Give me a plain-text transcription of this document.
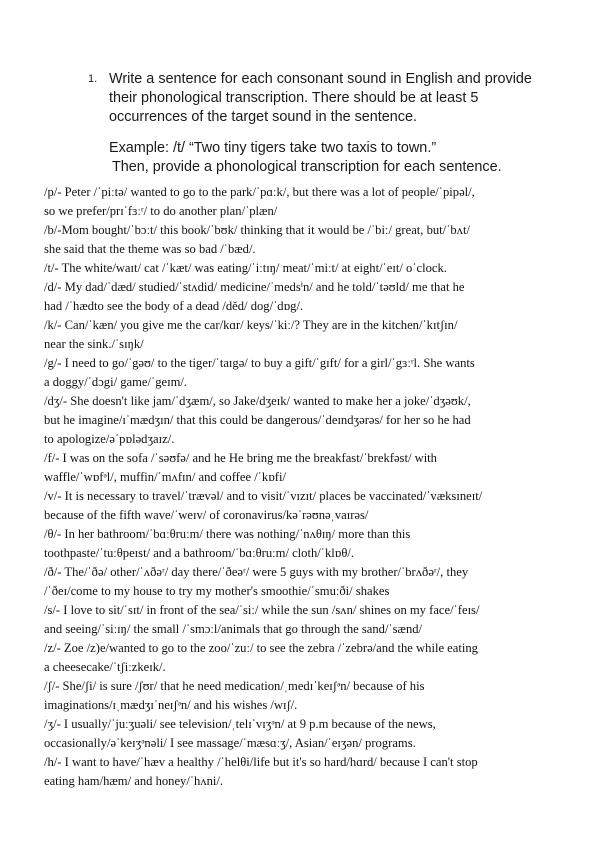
1. Write a sentence for each consonant sound in English and provide
their phonological transcription. There should be at least 5
occurrences of the target sound in the sentence.
Example: /t/ “Two tiny tigers take two taxis to town.”
Then, provide a phonological transcription for each sentence.
/p/- Peter /ˈpiːtə/ wanted to go to the park/ˈpɑːk/, but there was a lot of people/ˈpipəl/,
so we prefer/prɪˈfɜːʳ/ to do another plan/ˈplæn/
/b/-Mom bought/ˈbɔːt/ this book/ˈbʊk/ thinking that it would be /ˈbiː/ great, but/ˈbʌt/
she said that the theme was so bad /ˈbæd/.
/t/- The white/waɪt/ cat /ˈkæt/ was eating/ˈiːtɪŋ/ meat/ˈmiːt/ at eight/ˈeɪt/ oˈclock.
/d/- My dad/ˈdæd/ studied/ˈstʌdid/ medicine/ˈmedsⁱn/ and he told/ˈtəʊld/ me that he
had /ˈhædto see the body of a dead /děd/ dog/ˈdɒg/.
/k/- Can/ˈkæn/ you give me the car/kɑr/ keys/ˈkiː/? They are in the kitchen/ˈkɪtʃɪn/
near the sink./ˈsɪŋk/
/g/- I need to go/ˈgəʊ/ to the tiger/ˈtaɪgə/ to buy a gift/ˈgɪft/ for a girl/ˈgɜːʳl. She wants
a doggy/ˈdɔgi/ game/ˈgeɪm/.
/dʒ/- She doesn't like jam/ˈdʒæm/, so Jake/dʒeɪk/ wanted to make her a joke/ˈdʒəʊk/,
but he imagine/ɪˈmædʒɪn/ that this could be dangerous/ˈdeɪndʒərəs/ for her so he had
to apologize/əˈpɒlədʒaɪz/.
/f/- I was on the sofa /ˈsəʊfə/ and he He bring me the breakfast/ˈbrekfəst/ with
waffle/ˈwɒfᵊl/, muffin/ˈmʌfɪn/ and coffee /ˈkɒfi/
/v/- It is necessary to travel/ˈtrævəl/ and to visit/ˈvɪzɪt/ places be vaccinated/ˈvæksɪneɪt/
because of the fifth wave/ˈweɪv/ of coronavirus/kəˈrəʊnəˌvaɪrəs/
/θ/- In her bathroom/ˈbɑːθruːm/ there was nothing/ˈnʌθɪŋ/ more than this
toothpaste/ˈtuːθpeɪst/ and a bathroom/ˈbɑːθruːm/ cloth/ˈklɒθ/.
/ð/- The/ˈðə/ other/ˈʌðəʳ/ day there/ˈðeəʳ/ were 5 guys with my brother/ˈbrʌðəʳ/, they
/ˈðeɪ/come to my house to try my mother's smoothie/ˈsmuːði/ shakes
/s/- I love to sit/ˈsɪt/ in front of the sea/ˈsiː/ while the sun /sʌn/ shines on my face/ˈfeɪs/
and seeing/ˈsiːɪŋ/ the small /ˈsmɔːl/animals that go through the sand/ˈsænd/
/z/- Zoe /z)e/wanted to go to the zoo/ˈzuː/ to see the zebra /ˈzebrə/and the while eating
a cheesecake/ˈtʃiːzkeɪk/.
/ʃ/- She/ʃi/ is sure /ʃʊr/ that he need medication/ˌmedɪˈkeɪʃᵊn/ because of his
imaginations/ɪˌmædʒɪˈneɪʃᵊn/ and his wishes /wɪʃ/.
/ʒ/- I usually/ˈjuːʒuəli/ see television/ˌtelɪˈvɪʒᵊn/ at 9 p.m because of the news,
occasionally/əˈkeɪʒᵊnəli/ I see massage/ˈmæsɑːʒ/, Asian/ˈeɪʒən/ programs.
/h/- I want to have/ˈhæv a healthy /ˈhelθi/life but it's so hard/hɑrd/ because I can't stop
eating ham/hæm/ and honey/ˈhʌni/.
